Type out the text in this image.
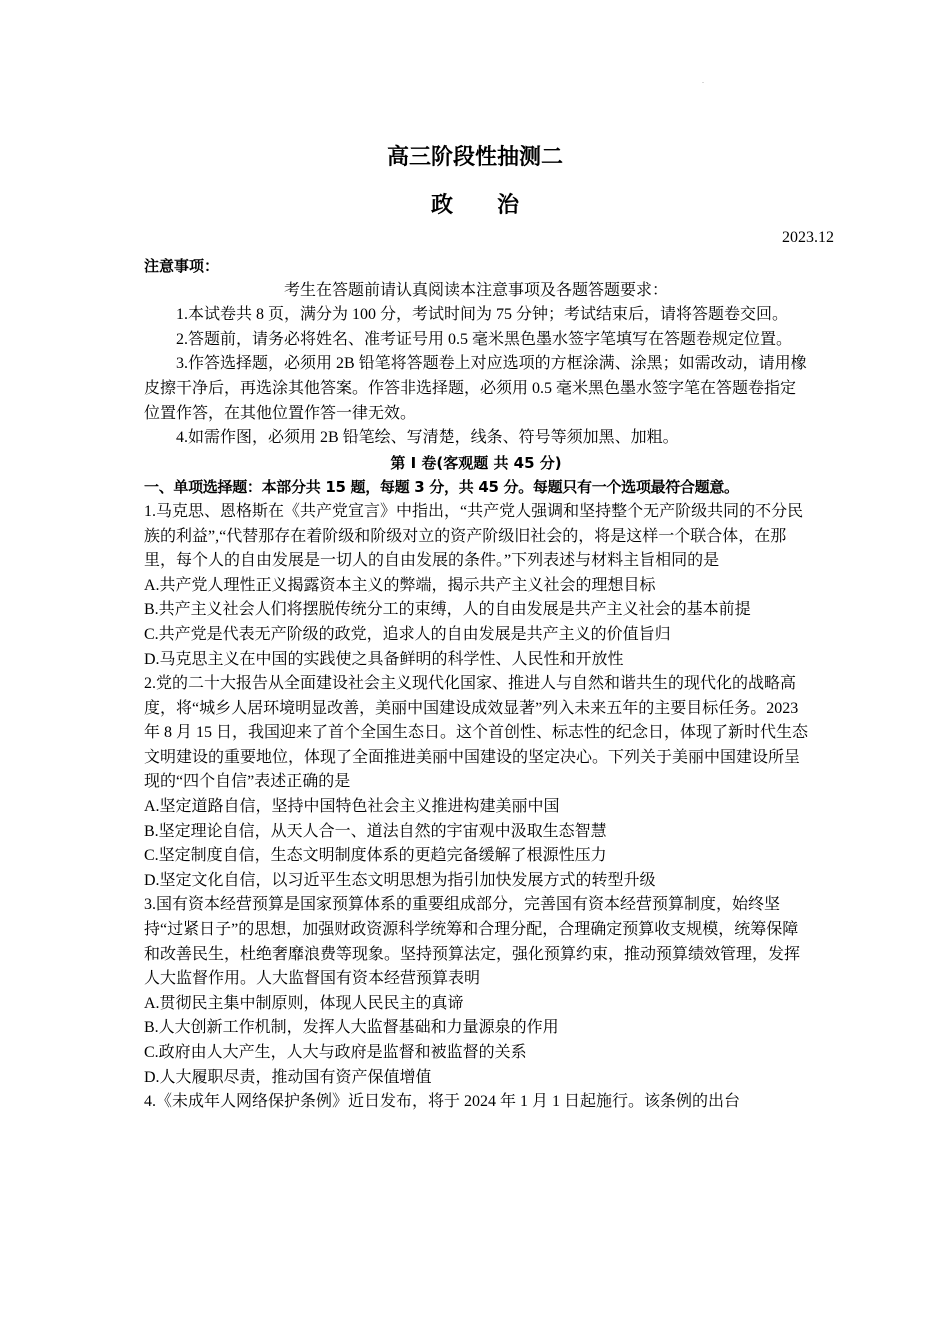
.
高三阶段性抽测二
政治
2023.12

注意事项：

考生在答题前请认真阅读本注意事项及各题答题要求：

1.本试卷共 8 页，满分为 100 分，考试时间为 75 分钟；考试结束后，请将答题卷交回。

2.答题前，请务必将姓名、准考证号用 0.5 毫米黑色墨水签字笔填写在答题卷规定位置。

3.作答选择题，必须用 2B 铅笔将答题卷上对应选项的方框涂满、涂黑；如需改动，请用橡皮擦干净后，再选涂其他答案。作答非选择题，必须用 0.5 毫米黑色墨水签字笔在答题卷指定位置作答，在其他位置作答一律无效。

4.如需作图，必须用 2B 铅笔绘、写清楚，线条、符号等须加黑、加粗。

第 Ⅰ 卷(客观题 共 45 分)

一、单项选择题：本部分共 15 题，每题 3 分，共 45 分。每题只有一个选项最符合题意。

1.马克思、恩格斯在《共产党宣言》中指出，“共产党人强调和坚持整个无产阶级共同的不分民族的利益”,“代替那存在着阶级和阶级对立的资产阶级旧社会的，将是这样一个联合体，在那里，每个人的自由发展是一切人的自由发展的条件。”下列表述与材料主旨相同的是

A.共产党人理性正义揭露资本主义的弊端，揭示共产主义社会的理想目标

B.共产主义社会人们将摆脱传统分工的束缚，人的自由发展是共产主义社会的基本前提

C.共产党是代表无产阶级的政党，追求人的自由发展是共产主义的价值旨归

D.马克思主义在中国的实践使之具备鲜明的科学性、人民性和开放性

2.党的二十大报告从全面建设社会主义现代化国家、推进人与自然和谐共生的现代化的战略高度，将“城乡人居环境明显改善，美丽中国建设成效显著”列入未来五年的主要目标任务。2023 年 8 月 15 日，我国迎来了首个全国生态日。这个首创性、标志性的纪念日，体现了新时代生态文明建设的重要地位，体现了全面推进美丽中国建设的坚定决心。下列关于美丽中国建设所呈现的“四个自信”表述正确的是

A.坚定道路自信，坚持中国特色社会主义推进构建美丽中国

B.坚定理论自信，从天人合一、道法自然的宇宙观中汲取生态智慧

C.坚定制度自信，生态文明制度体系的更趋完备缓解了根源性压力

D.坚定文化自信，以习近平生态文明思想为指引加快发展方式的转型升级

3.国有资本经营预算是国家预算体系的重要组成部分，完善国有资本经营预算制度，始终坚持“过紧日子”的思想，加强财政资源科学统筹和合理分配，合理确定预算收支规模，统筹保障和改善民生，杜绝奢靡浪费等现象。坚持预算法定，强化预算约束，推动预算绩效管理，发挥人大监督作用。人大监督国有资本经营预算表明

A.贯彻民主集中制原则，体现人民民主的真谛

B.人大创新工作机制，发挥人大监督基础和力量源泉的作用

C.政府由人大产生，人大与政府是监督和被监督的关系

D.人大履职尽责，推动国有资产保值增值

4.《未成年人网络保护条例》近日发布，将于 2024 年 1 月 1 日起施行。该条例的出台
